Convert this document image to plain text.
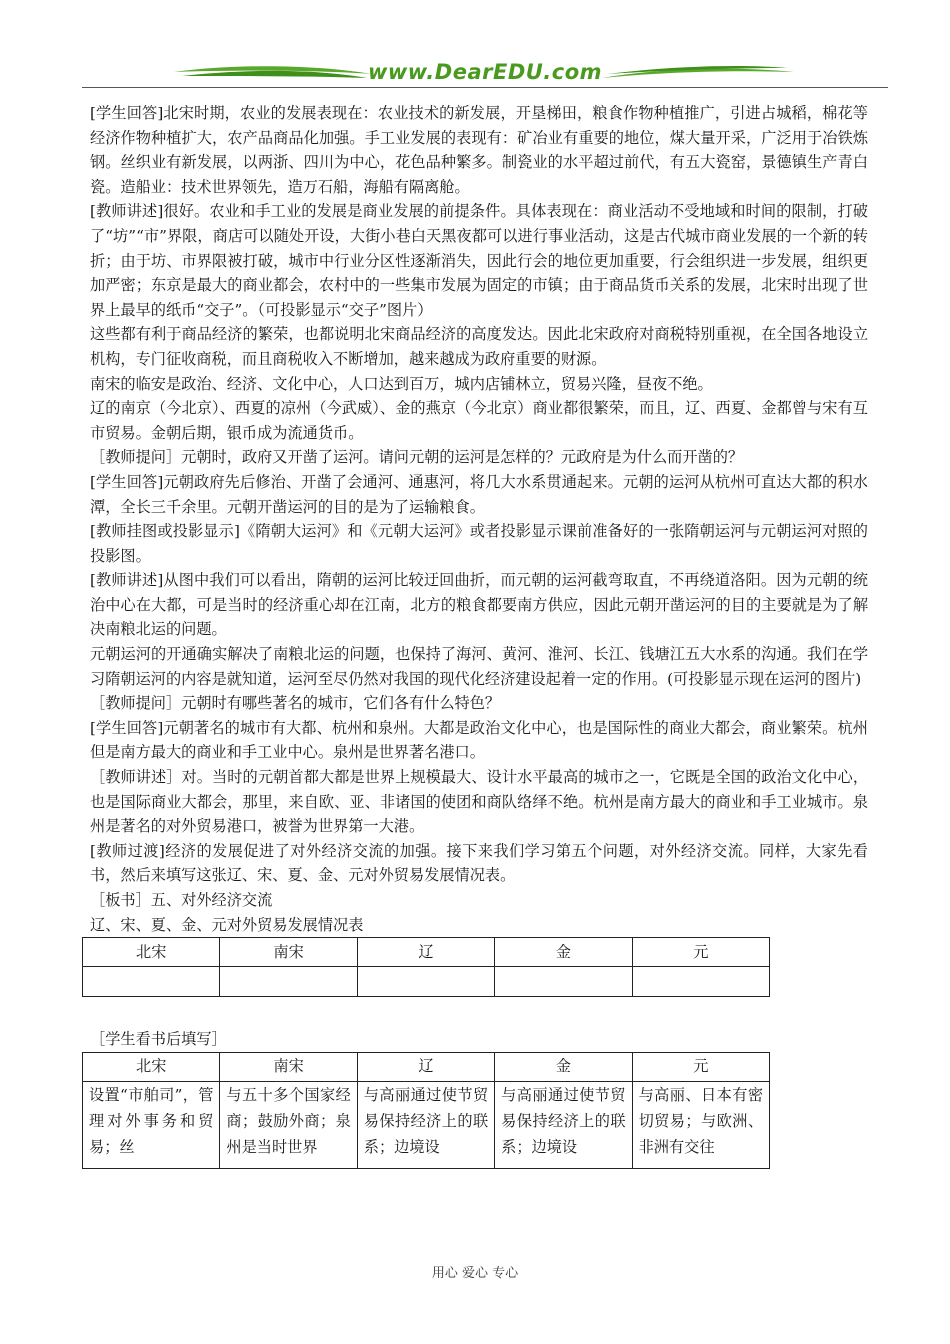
www.DearEDU.com

[学生回答]北宋时期，农业的发展表现在：农业技术的新发展，开垦梯田，粮食作物种植推广，引进占城稻，棉花等经济作物种植扩大，农产品商品化加强。手工业发展的表现有：矿冶业有重要的地位，煤大量开采，广泛用于冶铁炼钢。丝织业有新发展，以两浙、四川为中心，花色品种繁多。制瓷业的水平超过前代，有五大瓷窑，景德镇生产青白瓷。造船业：技术世界领先，造万石船，海船有隔离舱。

[教师讲述]很好。农业和手工业的发展是商业发展的前提条件。具体表现在：商业活动不受地域和时间的限制，打破了“坊”“市”界限，商店可以随处开设，大街小巷白天黑夜都可以进行事业活动，这是古代城市商业发展的一个新的转折；由于坊、市界限被打破，城市中行业分区性逐渐消失，因此行会的地位更加重要，行会组织进一步发展，组织更加严密；东京是最大的商业都会，农村中的一些集市发展为固定的市镇；由于商品货币关系的发展，北宋时出现了世界上最早的纸币“交子”。（可投影显示“交子”图片）

这些都有利于商品经济的繁荣，也都说明北宋商品经济的高度发达。因此北宋政府对商税特别重视，在全国各地设立机构，专门征收商税，而且商税收入不断增加，越来越成为政府重要的财源。

南宋的临安是政治、经济、文化中心，人口达到百万，城内店铺林立，贸易兴隆，昼夜不绝。

辽的南京（今北京）、西夏的凉州（今武威）、金的燕京（今北京）商业都很繁荣，而且，辽、西夏、金都曾与宋有互市贸易。金朝后期，银币成为流通货币。

［教师提问］元朝时，政府又开凿了运河。请问元朝的运河是怎样的？元政府是为什么而开凿的？

[学生回答]元朝政府先后修治、开凿了会通河、通惠河，将几大水系贯通起来。元朝的运河从杭州可直达大都的积水潭，全长三千余里。元朝开凿运河的目的是为了运输粮食。

[教师挂图或投影显示]《隋朝大运河》和《元朝大运河》或者投影显示课前准备好的一张隋朝运河与元朝运河对照的投影图。

[教师讲述]从图中我们可以看出，隋朝的运河比较迂回曲折，而元朝的运河截弯取直，不再绕道洛阳。因为元朝的统治中心在大都，可是当时的经济重心却在江南，北方的粮食都要南方供应，因此元朝开凿运河的目的主要就是为了解决南粮北运的问题。

元朝运河的开通确实解决了南粮北运的问题，也保持了海河、黄河、淮河、长江、钱塘江五大水系的沟通。我们在学习隋朝运河的内容是就知道，运河至尽仍然对我国的现代化经济建设起着一定的作用。(可投影显示现在运河的图片)

［教师提问］元朝时有哪些著名的城市，它们各有什么特色？

[学生回答]元朝著名的城市有大都、杭州和泉州。大都是政治文化中心，也是国际性的商业大都会，商业繁荣。杭州但是南方最大的商业和手工业中心。泉州是世界著名港口。

［教师讲述］对。当时的元朝首都大都是世界上规模最大、设计水平最高的城市之一，它既是全国的政治文化中心，也是国际商业大都会，那里，来自欧、亚、非诸国的使团和商队络绎不绝。杭州是南方最大的商业和手工业城市。泉州是著名的对外贸易港口，被誉为世界第一大港。

[教师过渡]经济的发展促进了对外经济交流的加强。接下来我们学习第五个问题，对外经济交流。同样，大家先看书，然后来填写这张辽、宋、夏、金、元对外贸易发展情况表。

［板书］五、对外经济交流

辽、宋、夏、金、元对外贸易发展情况表

北宋	南宋	辽	金	元

［学生看书后填写］

北宋	南宋	辽	金	元
设置“市舶司”，管理对外事务和贸易；丝	与五十多个国家经商；鼓励外商；泉州是当时世界	与高丽通过使节贸易保持经济上的联系；边境设	与高丽通过使节贸易保持经济上的联系；边境设	与高丽、日本有密切贸易；与欧洲、非洲有交往
用心 爱心 专心
